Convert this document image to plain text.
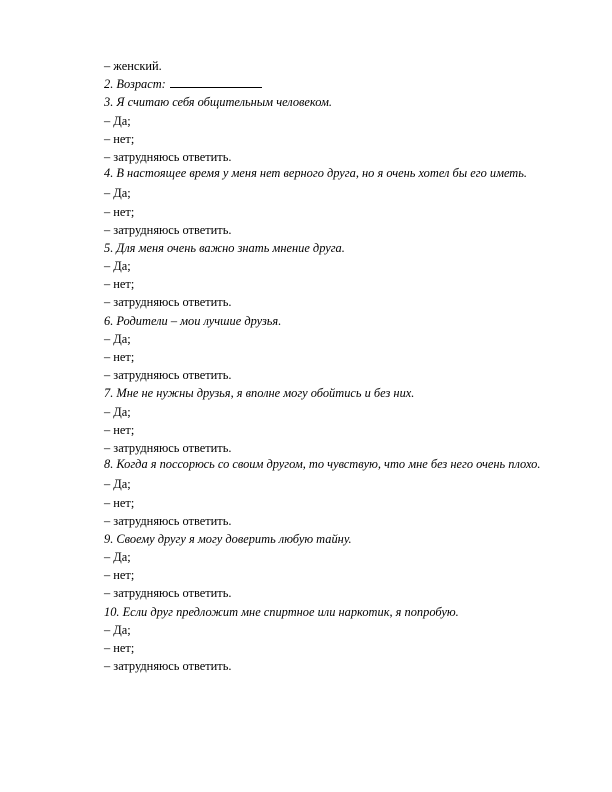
– женский.
2. Возраст:
3. Я считаю себя общительным человеком.
– Да;
– нет;
– затрудняюсь ответить.
4. В настоящее время у меня нет верного друга, но я очень хотел бы его иметь.
– Да;
– нет;
– затрудняюсь ответить.
5. Для меня очень важно знать мнение друга.
– Да;
– нет;
– затрудняюсь ответить.
6. Родители – мои лучшие друзья.
– Да;
– нет;
– затрудняюсь ответить.
7. Мне не нужны друзья, я вполне могу обойтись и без них.
– Да;
– нет;
– затрудняюсь ответить.
8. Когда я поссорюсь со своим другом, то чувствую, что мне без него очень плохо.
– Да;
– нет;
– затрудняюсь ответить.
9. Своему другу я могу доверить любую тайну.
– Да;
– нет;
– затрудняюсь ответить.
10. Если друг предложит мне спиртное или наркотик, я попробую.
– Да;
– нет;
– затрудняюсь ответить.
